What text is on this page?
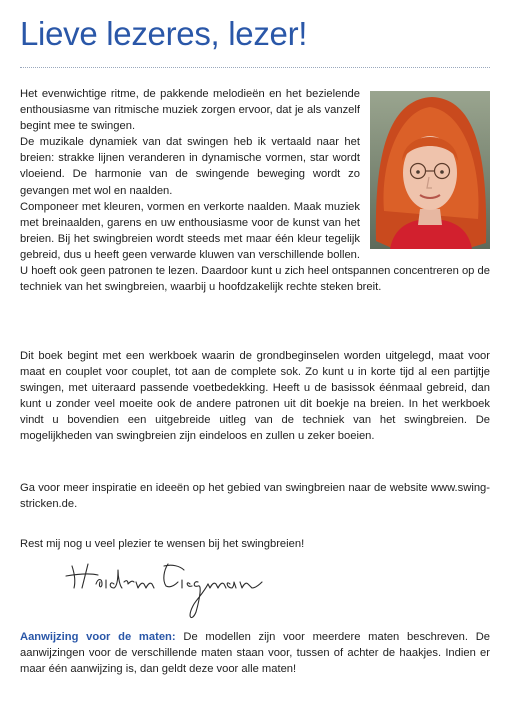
Lieve lezeres, lezer!

Het evenwichtige ritme, de pakkende melodieën en het bezielende enthousiasme van ritmische muziek zorgen ervoor, dat je als vanzelf begint mee te swingen.

De muzikale dynamiek van dat swingen heb ik vertaald naar het breien: strakke lijnen veranderen in dynamische vormen, star wordt vloeiend. De harmonie van de swingende beweging wordt zo gevangen met wol en naalden.

Componeer met kleuren, vormen en verkorte naalden. Maak muziek met breinaalden, garens en uw enthousiasme voor de kunst van het breien. Bij het swingbreien wordt steeds met maar één kleur tegelijk gebreid, dus u heeft geen verwarde kluwen van verschillende bollen. U hoeft ook geen patronen te lezen. Daardoor kunt u zich heel ontspannen concentreren op de techniek van het swingbreien, waarbij u hoofdzakelijk rechte steken breit.

Dit boek begint met een werkboek waarin de grondbeginselen worden uitgelegd, maat voor maat en couplet voor couplet, tot aan de complete sok. Zo kunt u in korte tijd al een partijtje swingen, met uiteraard passende voetbedekking. Heeft u de basissok éénmaal gebreid, dan kunt u zonder veel moeite ook de andere patronen uit dit boekje na breien. In het werkboek vindt u bovendien een uitgebreide uitleg van de techniek van het swingbreien. De mogelijkheden van swingbreien zijn eindeloos en zullen u zeker boeien.

Ga voor meer inspiratie en ideeën op het gebied van swingbreien naar de website www.swing-stricken.de.

Rest mij nog u veel plezier te wensen bij het swingbreien!

Aanwijzing voor de maten: De modellen zijn voor meerdere maten beschreven. De aanwijzingen voor de verschillende maten staan voor, tussen of achter de haakjes. Indien er maar één aanwijzing is, dan geldt deze voor alle maten!
